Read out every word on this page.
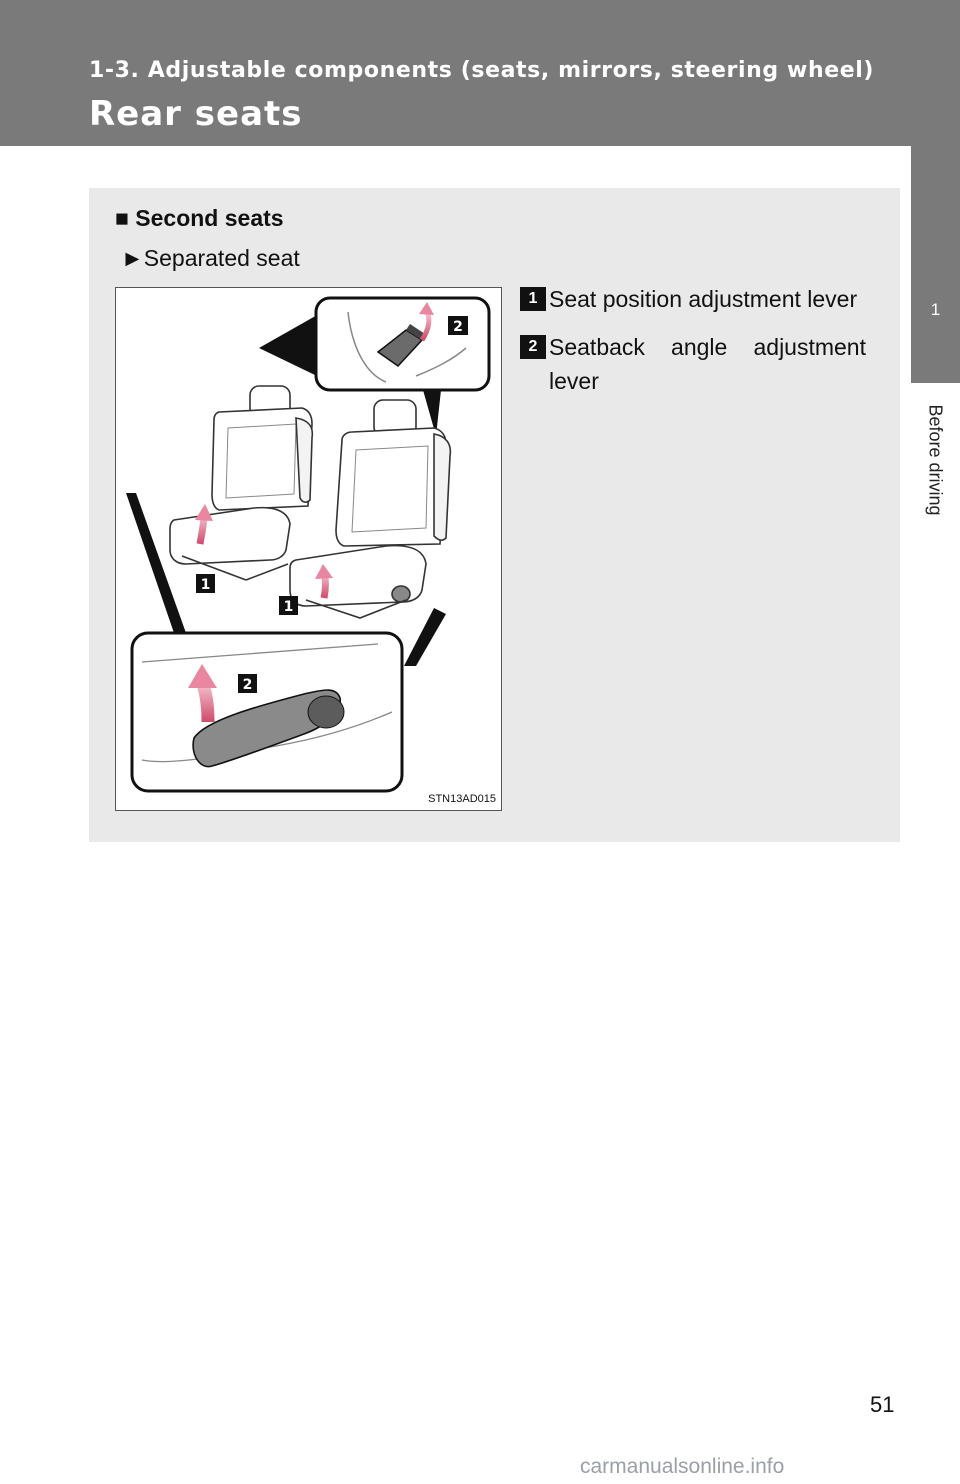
1-3. Adjustable components (seats, mirrors, steering wheel)
Rear seats
1
Before driving
■ Second seats
►Separated seat
2
1
1
2
STN13AD015
1 Seat position adjustment lever
2 Seatback angle adjustment lever
51
carmanualsonline.info
